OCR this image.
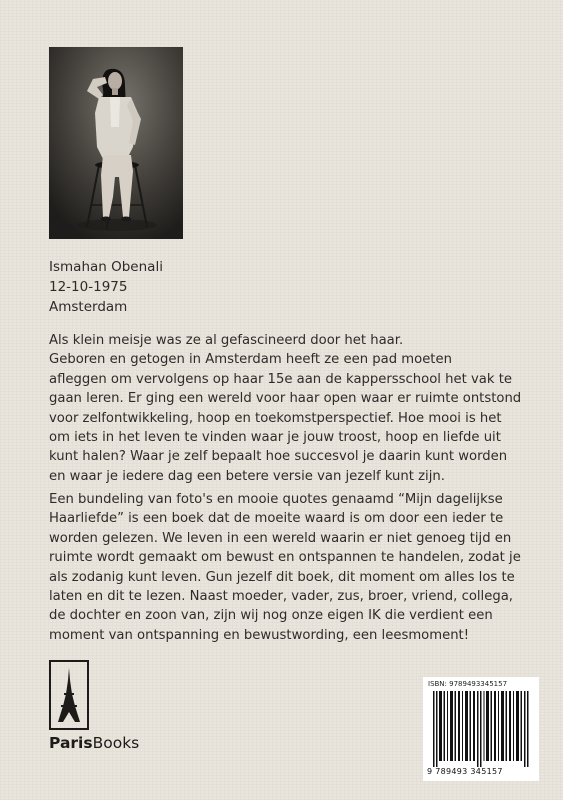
Ismahan Obenali
12-10-1975
Amsterdam
Als klein meisje was ze al gefascineerd door het haar.
Geboren en getogen in Amsterdam heeft ze een pad moeten
afleggen om vervolgens op haar 15e aan de kappersschool het vak te
gaan leren. Er ging een wereld voor haar open waar er ruimte ontstond
voor zelfontwikkeling, hoop en toekomstperspectief. Hoe mooi is het
om iets in het leven te vinden waar je jouw troost, hoop en liefde uit
kunt halen? Waar je zelf bepaalt hoe succesvol je daarin kunt worden
en waar je iedere dag een betere versie van jezelf kunt zijn.
Een bundeling van foto's en mooie quotes genaamd “Mijn dagelijkse
Haarliefde” is een boek dat de moeite waard is om door een ieder te
worden gelezen. We leven in een wereld waarin er niet genoeg tijd en
ruimte wordt gemaakt om bewust en ontspannen te handelen, zodat je
als zodanig kunt leven. Gun jezelf dit boek, dit moment om alles los te
laten en dit te lezen. Naast moeder, vader, zus, broer, vriend, collega,
de dochter en zoon van, zijn wij nog onze eigen IK die verdient een
moment van ontspanning en bewustwording, een leesmoment!
ParisBooks
ISBN: 9789493345157
9 789493 345157
